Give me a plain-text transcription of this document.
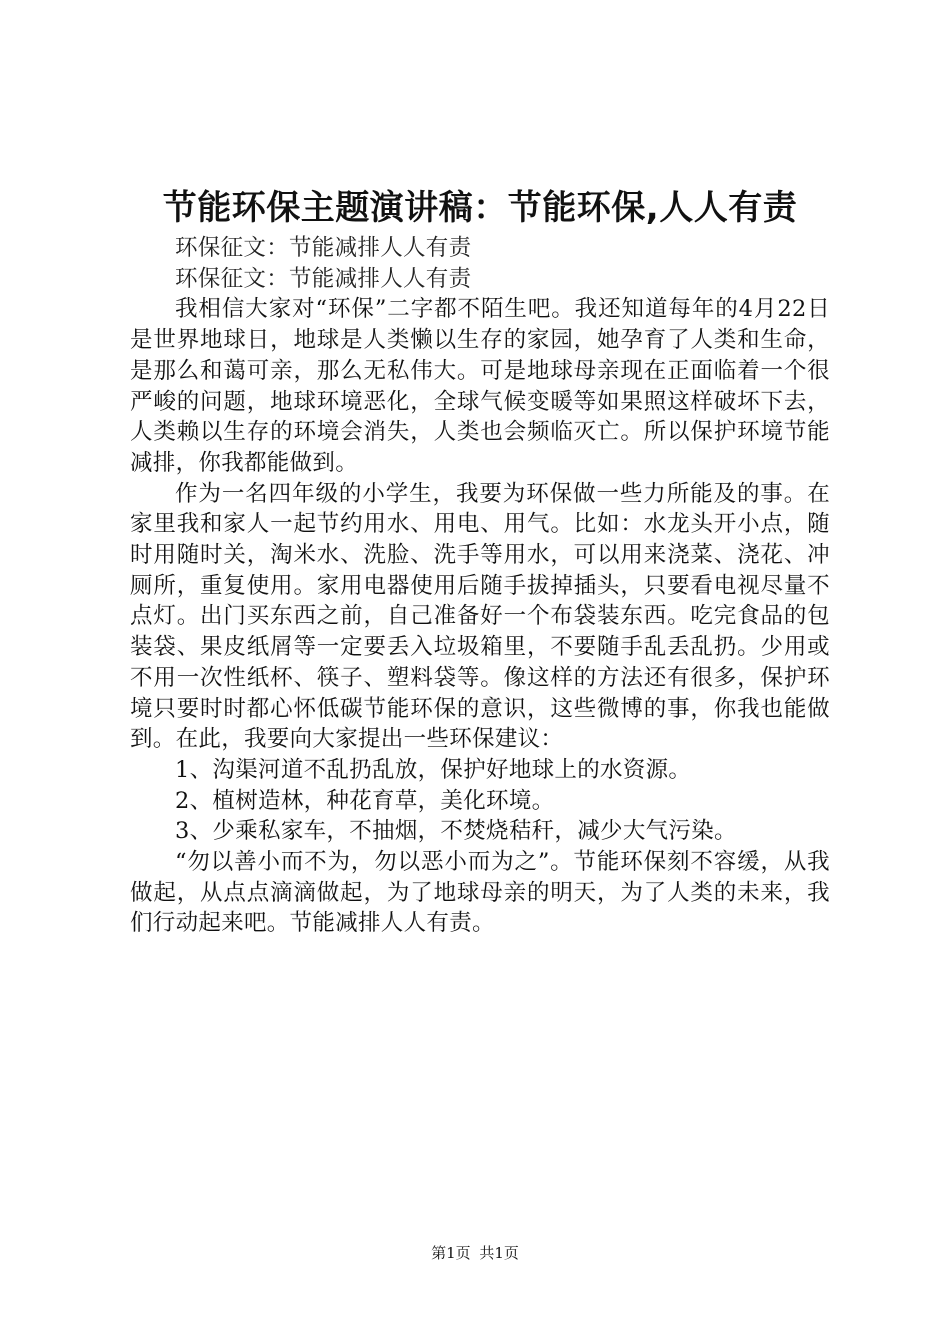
节能环保主题演讲稿：节能环保,人人有责

环保征文：节能减排人人有责

环保征文：节能减排人人有责

我相信大家对“环保”二字都不陌生吧。我还知道每年的4月22日是世界地球日，地球是人类懒以生存的家园，她孕育了人类和生命，是那么和蔼可亲，那么无私伟大。可是地球母亲现在正面临着一个很严峻的问题，地球环境恶化，全球气候变暖等如果照这样破坏下去，人类赖以生存的环境会消失，人类也会频临灭亡。所以保护环境节能减排，你我都能做到。

作为一名四年级的小学生，我要为环保做一些力所能及的事。在家里我和家人一起节约用水、用电、用气。比如：水龙头开小点，随时用随时关，淘米水、洗脸、洗手等用水，可以用来浇菜、浇花、冲厕所，重复使用。家用电器使用后随手拔掉插头，只要看电视尽量不点灯。出门买东西之前，自己准备好一个布袋装东西。吃完食品的包装袋、果皮纸屑等一定要丢入垃圾箱里，不要随手乱丢乱扔。少用或不用一次性纸杯、筷子、塑料袋等。像这样的方法还有很多，保护环境只要时时都心怀低碳节能环保的意识，这些微博的事，你我也能做到。在此，我要向大家提出一些环保建议：

1、沟渠河道不乱扔乱放，保护好地球上的水资源。

2、植树造林，种花育草，美化环境。

3、少乘私家车，不抽烟，不焚烧秸秆，减少大气污染。

“勿以善小而不为，勿以恶小而为之”。节能环保刻不容缓，从我做起，从点点滴滴做起，为了地球母亲的明天，为了人类的未来，我们行动起来吧。节能减排人人有责。

第1页 共1页
